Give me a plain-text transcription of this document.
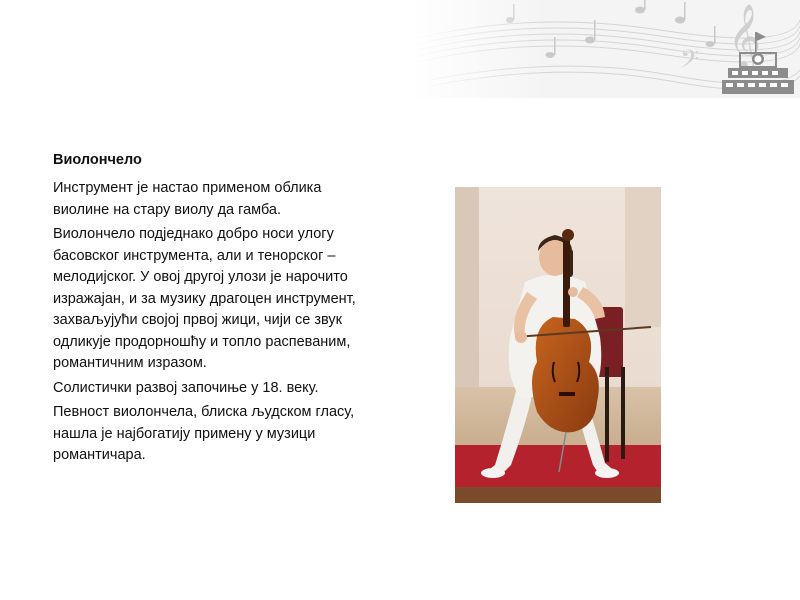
Виолончело

Инструмент је настао применом облика виолине на стару виолу да гамба.

Виолончело подједнако добро носи улогу басовског инструмента, али и тенорског – мелодијског. У овој другој улози је нарочито изражајан, и за музику драгоцен инструмент, захваљујући својој првој жици, чији се звук одликује продорношћу и топло распеваним, романтичним изразом.

Солистички развој започиње у 18. веку.

Певност виолончела, блиска људском гласу, нашла је најбогатију примену у музици романтичара.
